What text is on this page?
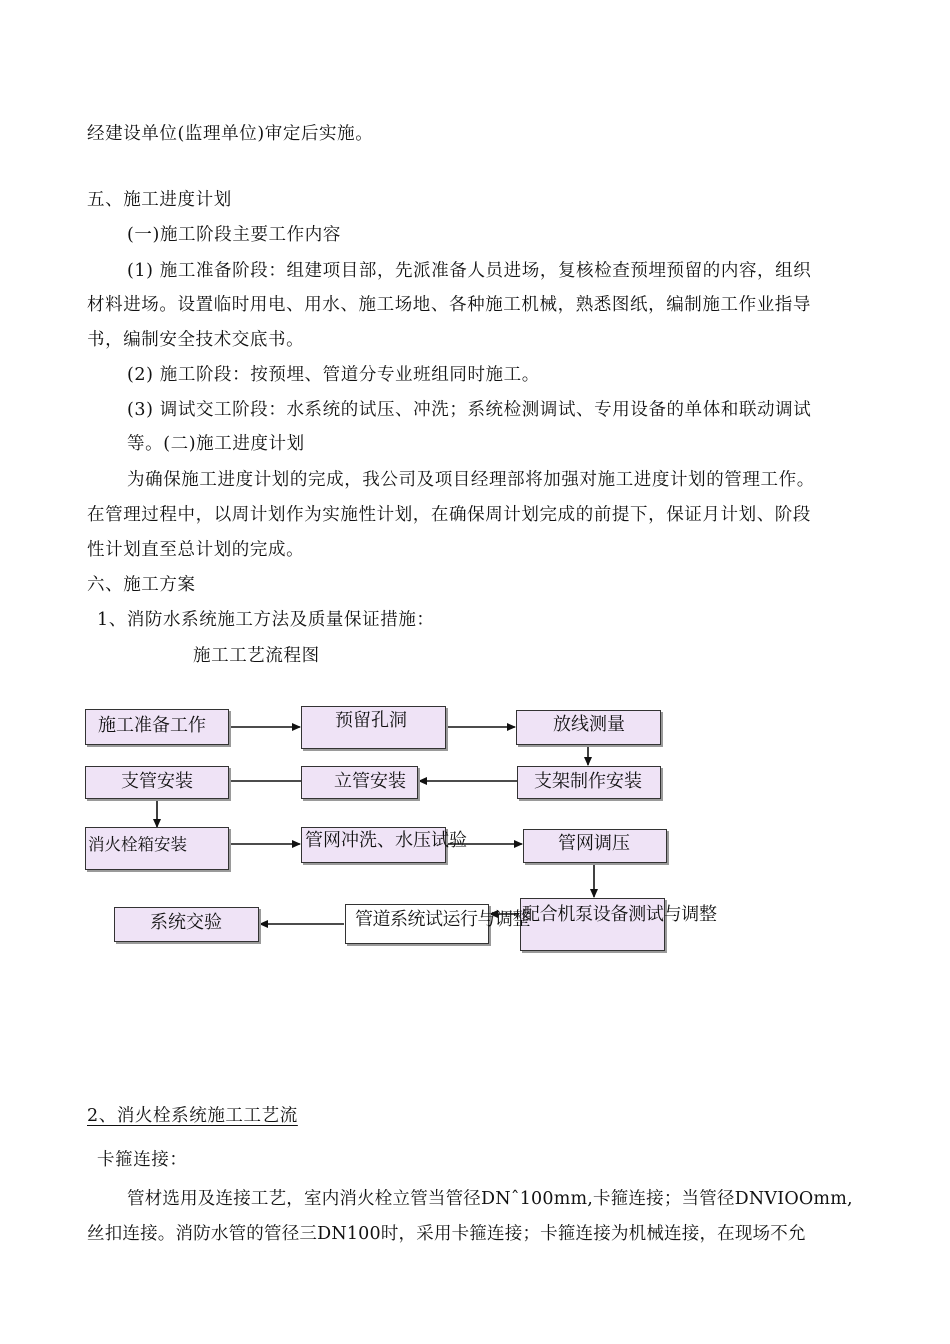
经建设单位(监理单位)审定后实施。
五、施工进度计划
(一)施工阶段主要工作内容
(1) 施工准备阶段：组建项目部，先派准备人员进场，复核检查预埋预留的内容，组织
材料进场。设置临时用电、用水、施工场地、各种施工机械，熟悉图纸，编制施工作业指导
书，编制安全技术交底书。
(2) 施工阶段：按预埋、管道分专业班组同时施工。
(3) 调试交工阶段：水系统的试压、冲洗；系统检测调试、专用设备的单体和联动调试
等。(二)施工进度计划
为确保施工进度计划的完成，我公司及项目经理部将加强对施工进度计划的管理工作。
在管理过程中，以周计划作为实施性计划，在确保周计划完成的前提下，保证月计划、阶段
性计划直至总计划的完成。
六、施工方案
1、消防水系统施工方法及质量保证措施：
施工工艺流程图
施工准备工作	预留孔洞	放线测量
支管安装	立管安装	支架制作安装
消火栓箱安装	管网冲洗、水压试验	管网调压
系统交验	配合机泵设备测试与调整
管道系统试运行与调整
2、消火栓系统施工工艺流
卡箍连接：
管材选用及连接工艺，室内消火栓立管当管径DNˆ100mm,卡箍连接；当管径DNVIOOmm,
丝扣连接。消防水管的管径三DN100时，采用卡箍连接；卡箍连接为机械连接，在现场不允
